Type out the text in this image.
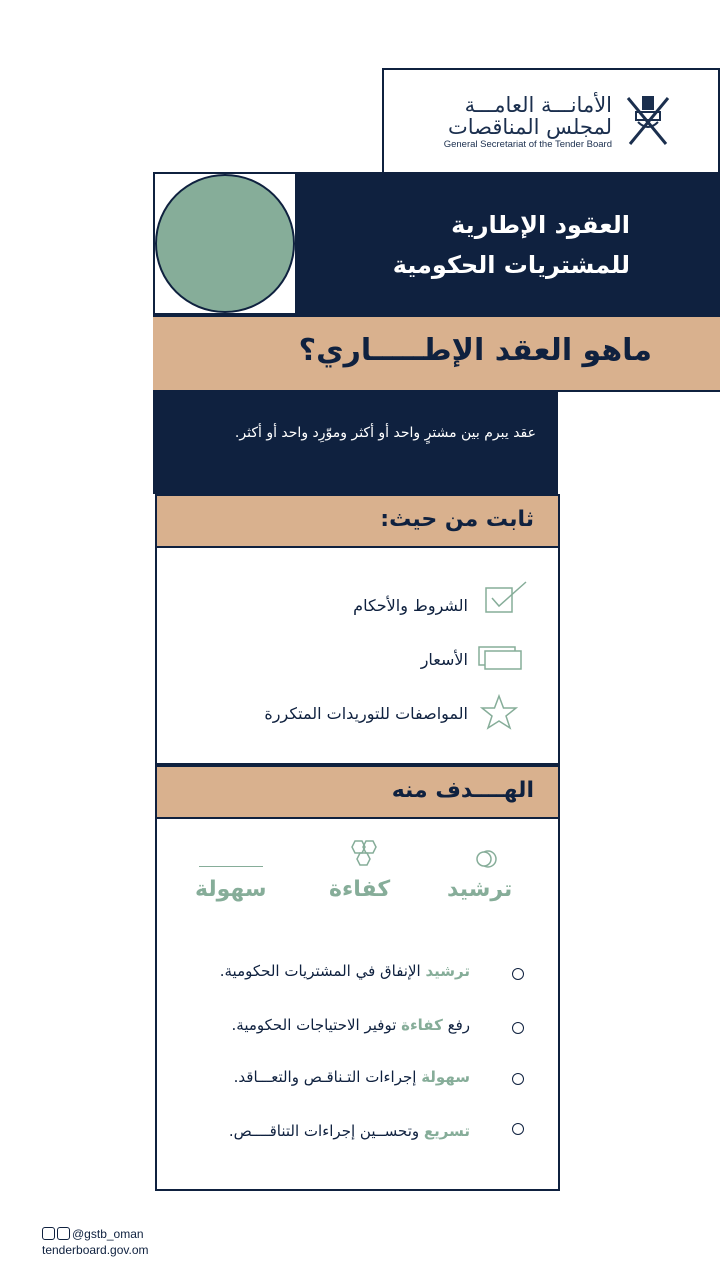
الأمانـــة العامـــة
لمجلس المناقصات
General Secretariat of the Tender Board
العقود الإطارية
للمشتريات الحكومية
ماهو العقد الإطـــــاري؟
عقد يبرم بين مشترٍ واحد أو أكثر وموّرِد واحد أو أكثر.
ثابت من حيث:
الشروط والأحكام
الأسعار
المواصفات للتوريدات المتكررة
الهــــدف منه
ترشيد
كفاءة
سهولة
ترشيد الإنفاق في المشتريات الحكومية.
رفع كفاءة توفير الاحتياجات الحكومية.
سهولة إجراءات التـناقـص والتعـــاقد.
تسريع وتحســين إجراءات التناقــــص.
@gstb_oman
tenderboard.gov.om
